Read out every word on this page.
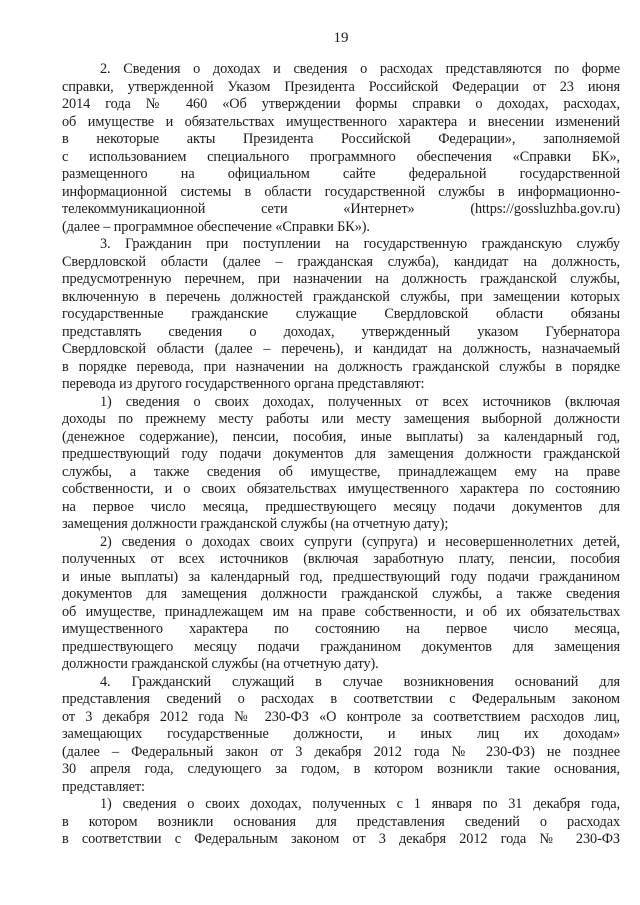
19
2. Сведения о доходах и сведения о расходах представляются по форме
справки, утвержденной Указом Президента Российской Федерации от 23 июня
2014 года № 460 «Об утверждении формы справки о доходах, расходах,
об имуществе и обязательствах имущественного характера и внесении изменений
в некоторые акты Президента Российской Федерации», заполняемой
с использованием специального программного обеспечения «Справки БК»,
размещенного на официальном сайте федеральной государственной
информационной системы в области государственной службы в информационно-
телекоммуникационной сети «Интернет» (https://gossluzhba.gov.ru)
(далее – программное обеспечение «Справки БК»).
3. Гражданин при поступлении на государственную гражданскую службу
Свердловской области (далее – гражданская служба), кандидат на должность,
предусмотренную перечнем, при назначении на должность гражданской службы,
включенную в перечень должностей гражданской службы, при замещении которых
государственные гражданские служащие Свердловской области обязаны
представлять сведения о доходах, утвержденный указом Губернатора
Свердловской области (далее – перечень), и кандидат на должность, назначаемый
в порядке перевода, при назначении на должность гражданской службы в порядке
перевода из другого государственного органа представляют:
1) сведения о своих доходах, полученных от всех источников (включая
доходы по прежнему месту работы или месту замещения выборной должности
(денежное содержание), пенсии, пособия, иные выплаты) за календарный год,
предшествующий году подачи документов для замещения должности гражданской
службы, а также сведения об имуществе, принадлежащем ему на праве
собственности, и о своих обязательствах имущественного характера по состоянию
на первое число месяца, предшествующего месяцу подачи документов для
замещения должности гражданской службы (на отчетную дату);
2) сведения о доходах своих супруги (супруга) и несовершеннолетних детей,
полученных от всех источников (включая заработную плату, пенсии, пособия
и иные выплаты) за календарный год, предшествующий году подачи гражданином
документов для замещения должности гражданской службы, а также сведения
об имуществе, принадлежащем им на праве собственности, и об их обязательствах
имущественного характера по состоянию на первое число месяца,
предшествующего месяцу подачи гражданином документов для замещения
должности гражданской службы (на отчетную дату).
4. Гражданский служащий в случае возникновения оснований для
представления сведений о расходах в соответствии с Федеральным законом
от 3 декабря 2012 года № 230-ФЗ «О контроле за соответствием расходов лиц,
замещающих государственные должности, и иных лиц их доходам»
(далее – Федеральный закон от 3 декабря 2012 года № 230-ФЗ) не позднее
30 апреля года, следующего за годом, в котором возникли такие основания,
представляет:
1) сведения о своих доходах, полученных с 1 января по 31 декабря года,
в котором возникли основания для представления сведений о расходах
в соответствии с Федеральным законом от 3 декабря 2012 года № 230-ФЗ
